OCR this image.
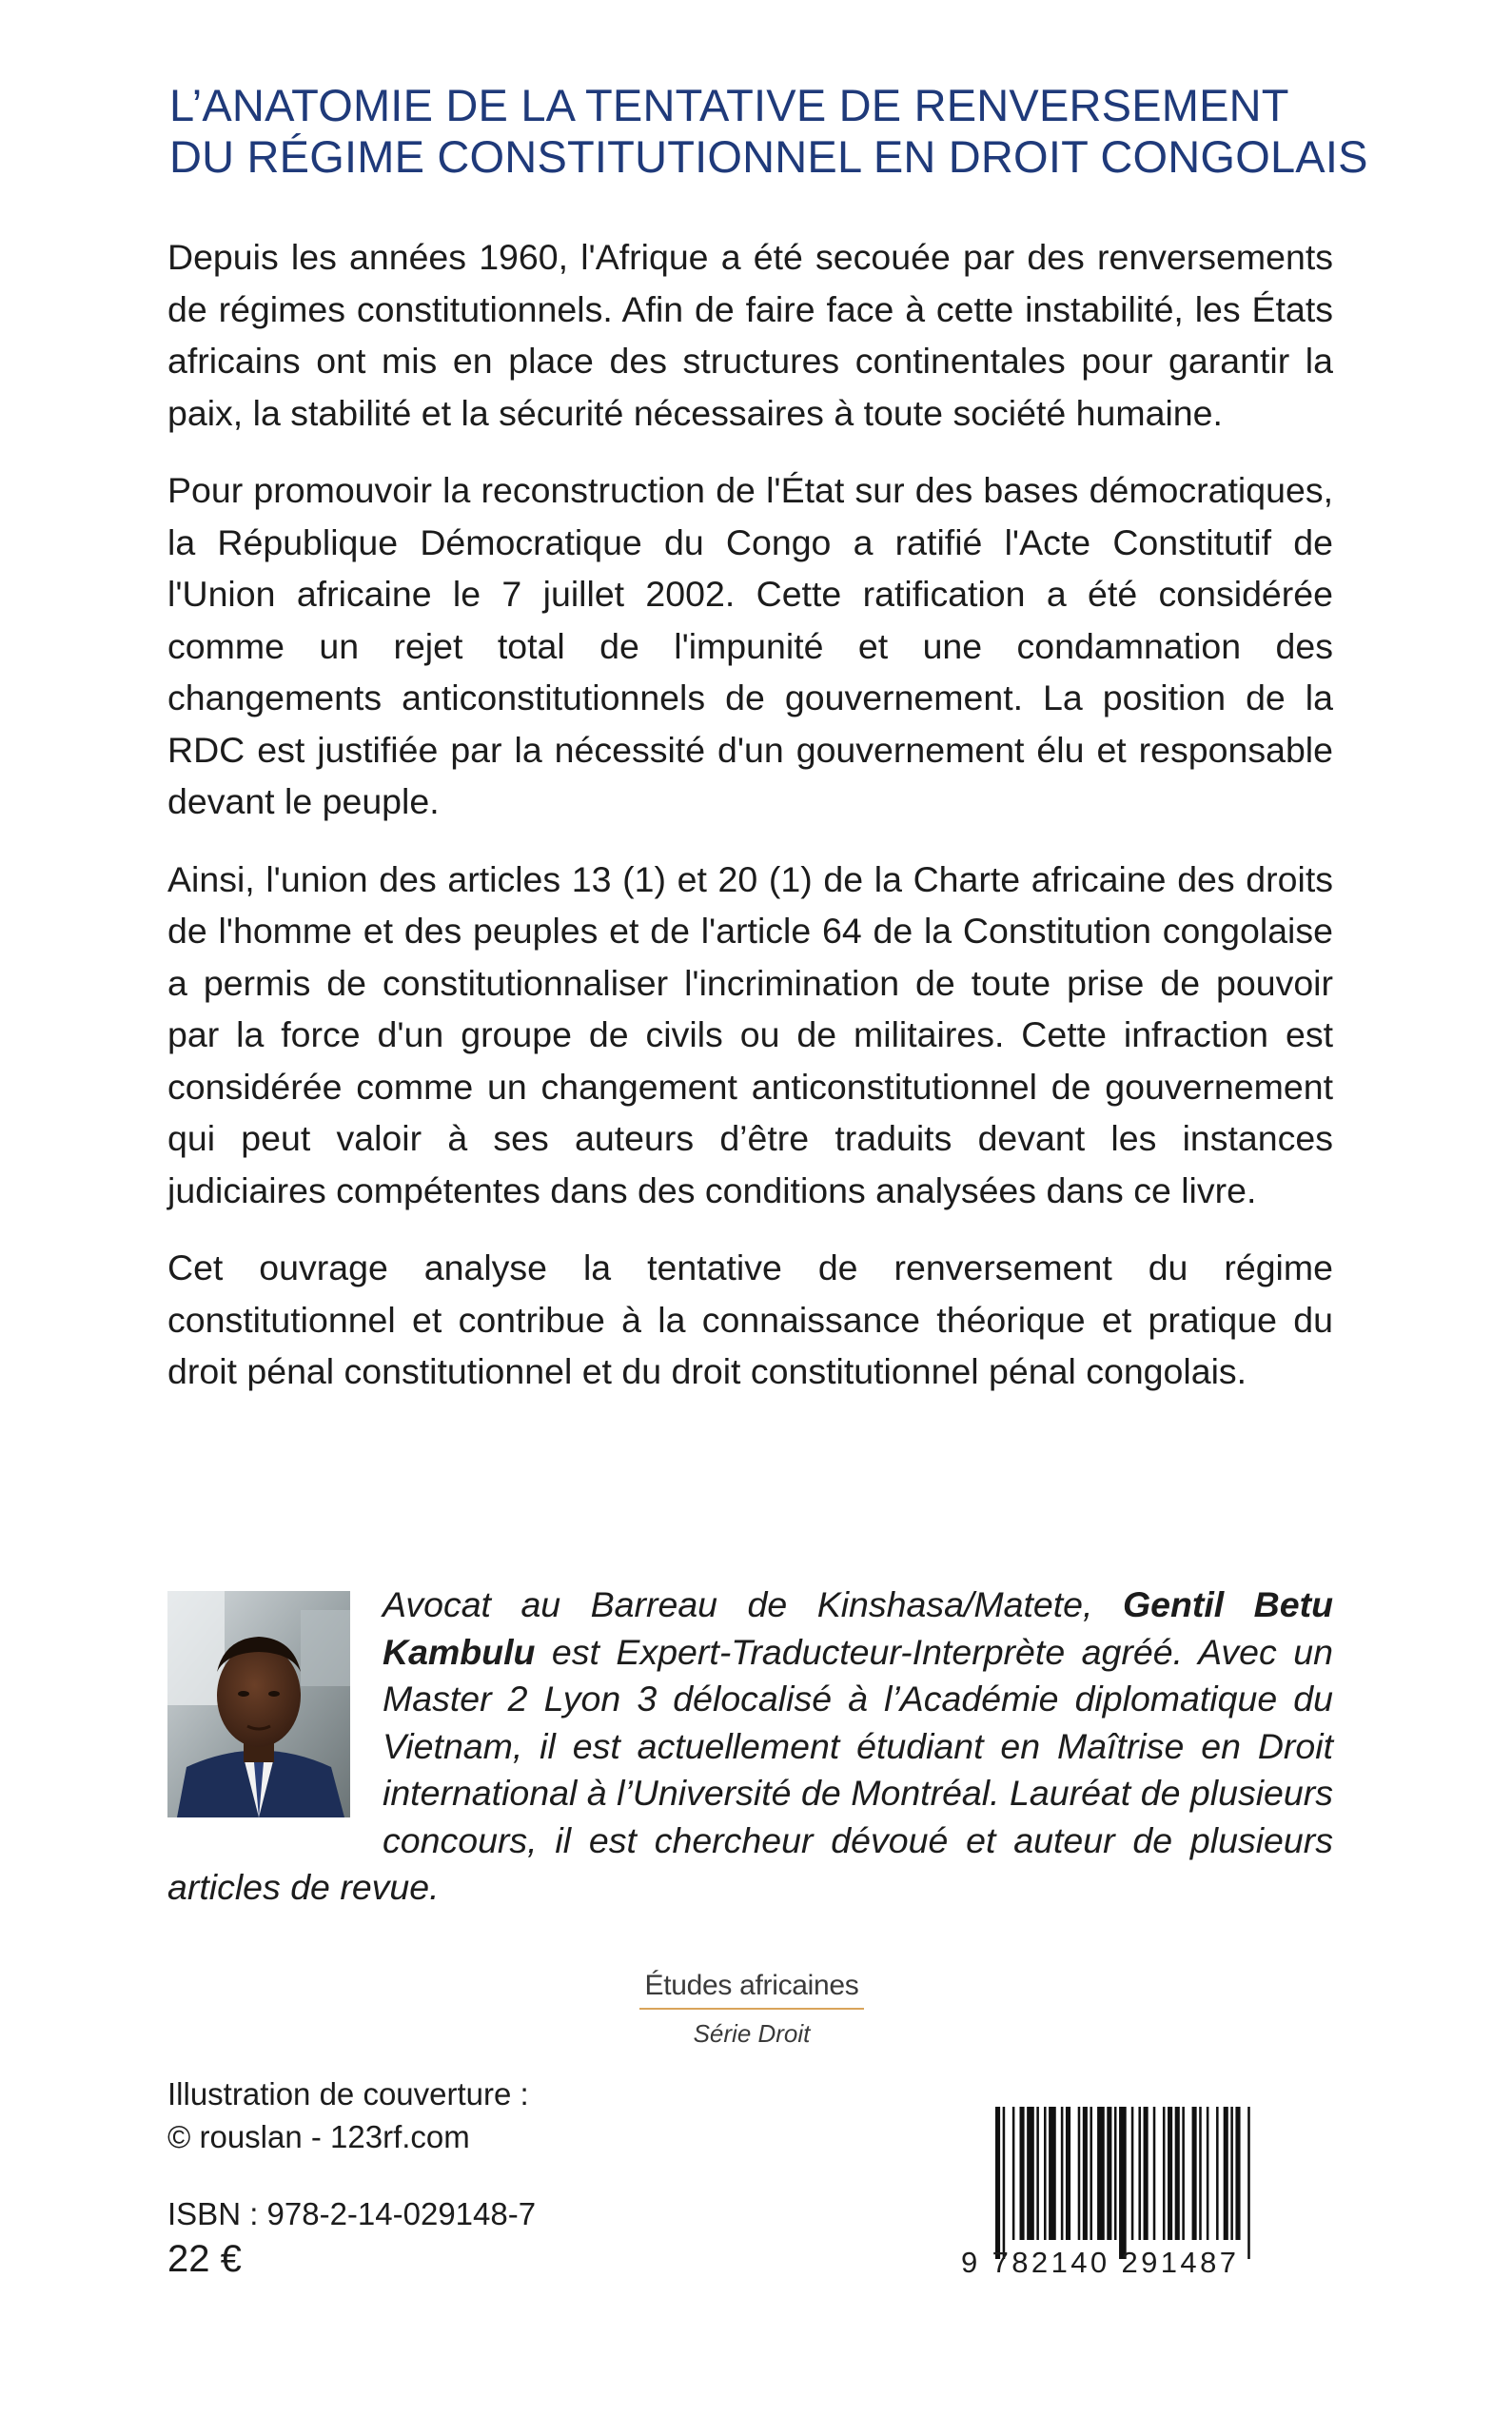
L’ANATOMIE DE LA TENTATIVE DE RENVERSEMENT
DU RÉGIME CONSTITUTIONNEL EN DROIT CONGOLAIS

Depuis les années 1960, l'Afrique a été secouée par des renversements de régimes constitutionnels. Afin de faire face à cette instabilité, les États africains ont mis en place des structures continentales pour garantir la paix, la stabilité et la sécurité nécessaires à toute société humaine.

Pour promouvoir la reconstruction de l'État sur des bases démocratiques, la République Démocratique du Congo a ratifié l'Acte Constitutif de l'Union africaine le 7 juillet 2002. Cette ratification a été considérée comme un rejet total de l'impunité et une condamnation des changements anticonstitutionnels de gouvernement. La position de la RDC est justifiée par la nécessité d'un gouvernement élu et responsable devant le peuple.

Ainsi, l'union des articles 13 (1) et 20 (1) de la Charte africaine des droits de l'homme et des peuples et de l'article 64 de la Constitution congolaise a permis de constitutionnaliser l'incrimination de toute prise de pouvoir par la force d'un groupe de civils ou de militaires. Cette infraction est considérée comme un changement anticonstitutionnel de gouvernement qui peut valoir à ses auteurs d’être traduits devant les instances judiciaires compétentes dans des conditions analysées dans ce livre.

Cet ouvrage analyse la tentative de renversement du régime constitutionnel et contribue à la connaissance théorique et pratique du droit pénal constitutionnel et du droit constitutionnel pénal congolais.

Avocat au Barreau de Kinshasa/Matete, Gentil Betu Kambulu est Expert-Traducteur-Interprète agréé. Avec un Master 2 Lyon 3 délocalisé à l’Académie diplomatique du Vietnam, il est actuellement étudiant en Maîtrise en Droit international à l’Université de Montréal. Lauréat de plusieurs concours, il est chercheur dévoué et auteur de plusieurs articles de revue.
Études africaines
Série Droit
Illustration de couverture :
© rouslan - 123rf.com
ISBN : 978-2-14-029148-7
22 €	9 782140 291487
